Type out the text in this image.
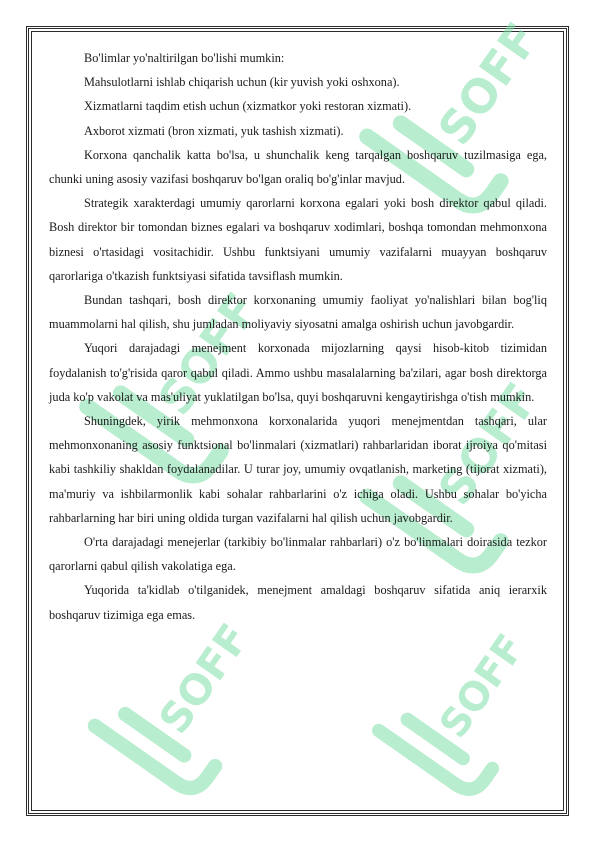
SOFF
SOFF
SOFF
SOFF	SOFF

Bo'limlar yo'naltirilgan bo'lishi mumkin:

Mahsulotlarni ishlab chiqarish uchun (kir yuvish yoki oshxona).

Xizmatlarni taqdim etish uchun (xizmatkor yoki restoran xizmati).

Axborot xizmati (bron xizmati, yuk tashish xizmati).

Korxona qanchalik katta bo'lsa, u shunchalik keng tarqalgan boshqaruv tuzilmasiga ega, chunki uning asosiy vazifasi boshqaruv bo'lgan oraliq bo'g'inlar mavjud.

Strategik xarakterdagi umumiy qarorlarni korxona egalari yoki bosh direktor qabul qiladi. Bosh direktor bir tomondan biznes egalari va boshqaruv xodimlari, boshqa tomondan mehmonxona biznesi o'rtasidagi vositachidir. Ushbu funktsiyani umumiy vazifalarni muayyan boshqaruv qarorlariga o'tkazish funktsiyasi sifatida tavsiflash mumkin.

Bundan tashqari, bosh direktor korxonaning umumiy faoliyat yo'nalishlari bilan bog'liq muammolarni hal qilish, shu jumladan moliyaviy siyosatni amalga oshirish uchun javobgardir.

Yuqori darajadagi menejment korxonada mijozlarning qaysi hisob-kitob tizimidan foydalanish to'g'risida qaror qabul qiladi. Ammo ushbu masalalarning ba'zilari, agar bosh direktorga juda ko'p vakolat va mas'uliyat yuklatilgan bo'lsa, quyi boshqaruvni kengaytirishga o'tish mumkin.

Shuningdek, yirik mehmonxona korxonalarida yuqori menejmentdan tashqari, ular mehmonxonaning asosiy funktsional bo'linmalari (xizmatlari) rahbarlaridan iborat ijroiya qo'mitasi kabi tashkiliy shakldan foydalanadilar. U turar joy, umumiy ovqatlanish, marketing (tijorat xizmati), ma'muriy va ishbilarmonlik kabi sohalar rahbarlarini o'z ichiga oladi. Ushbu sohalar bo'yicha rahbarlarning har biri uning oldida turgan vazifalarni hal qilish uchun javobgardir.

O'rta darajadagi menejerlar (tarkibiy bo'linmalar rahbarlari) o'z bo'linmalari doirasida tezkor qarorlarni qabul qilish vakolatiga ega.

Yuqorida ta'kidlab o'tilganidek, menejment amaldagi boshqaruv sifatida aniq ierarxik boshqaruv tizimiga ega emas.
